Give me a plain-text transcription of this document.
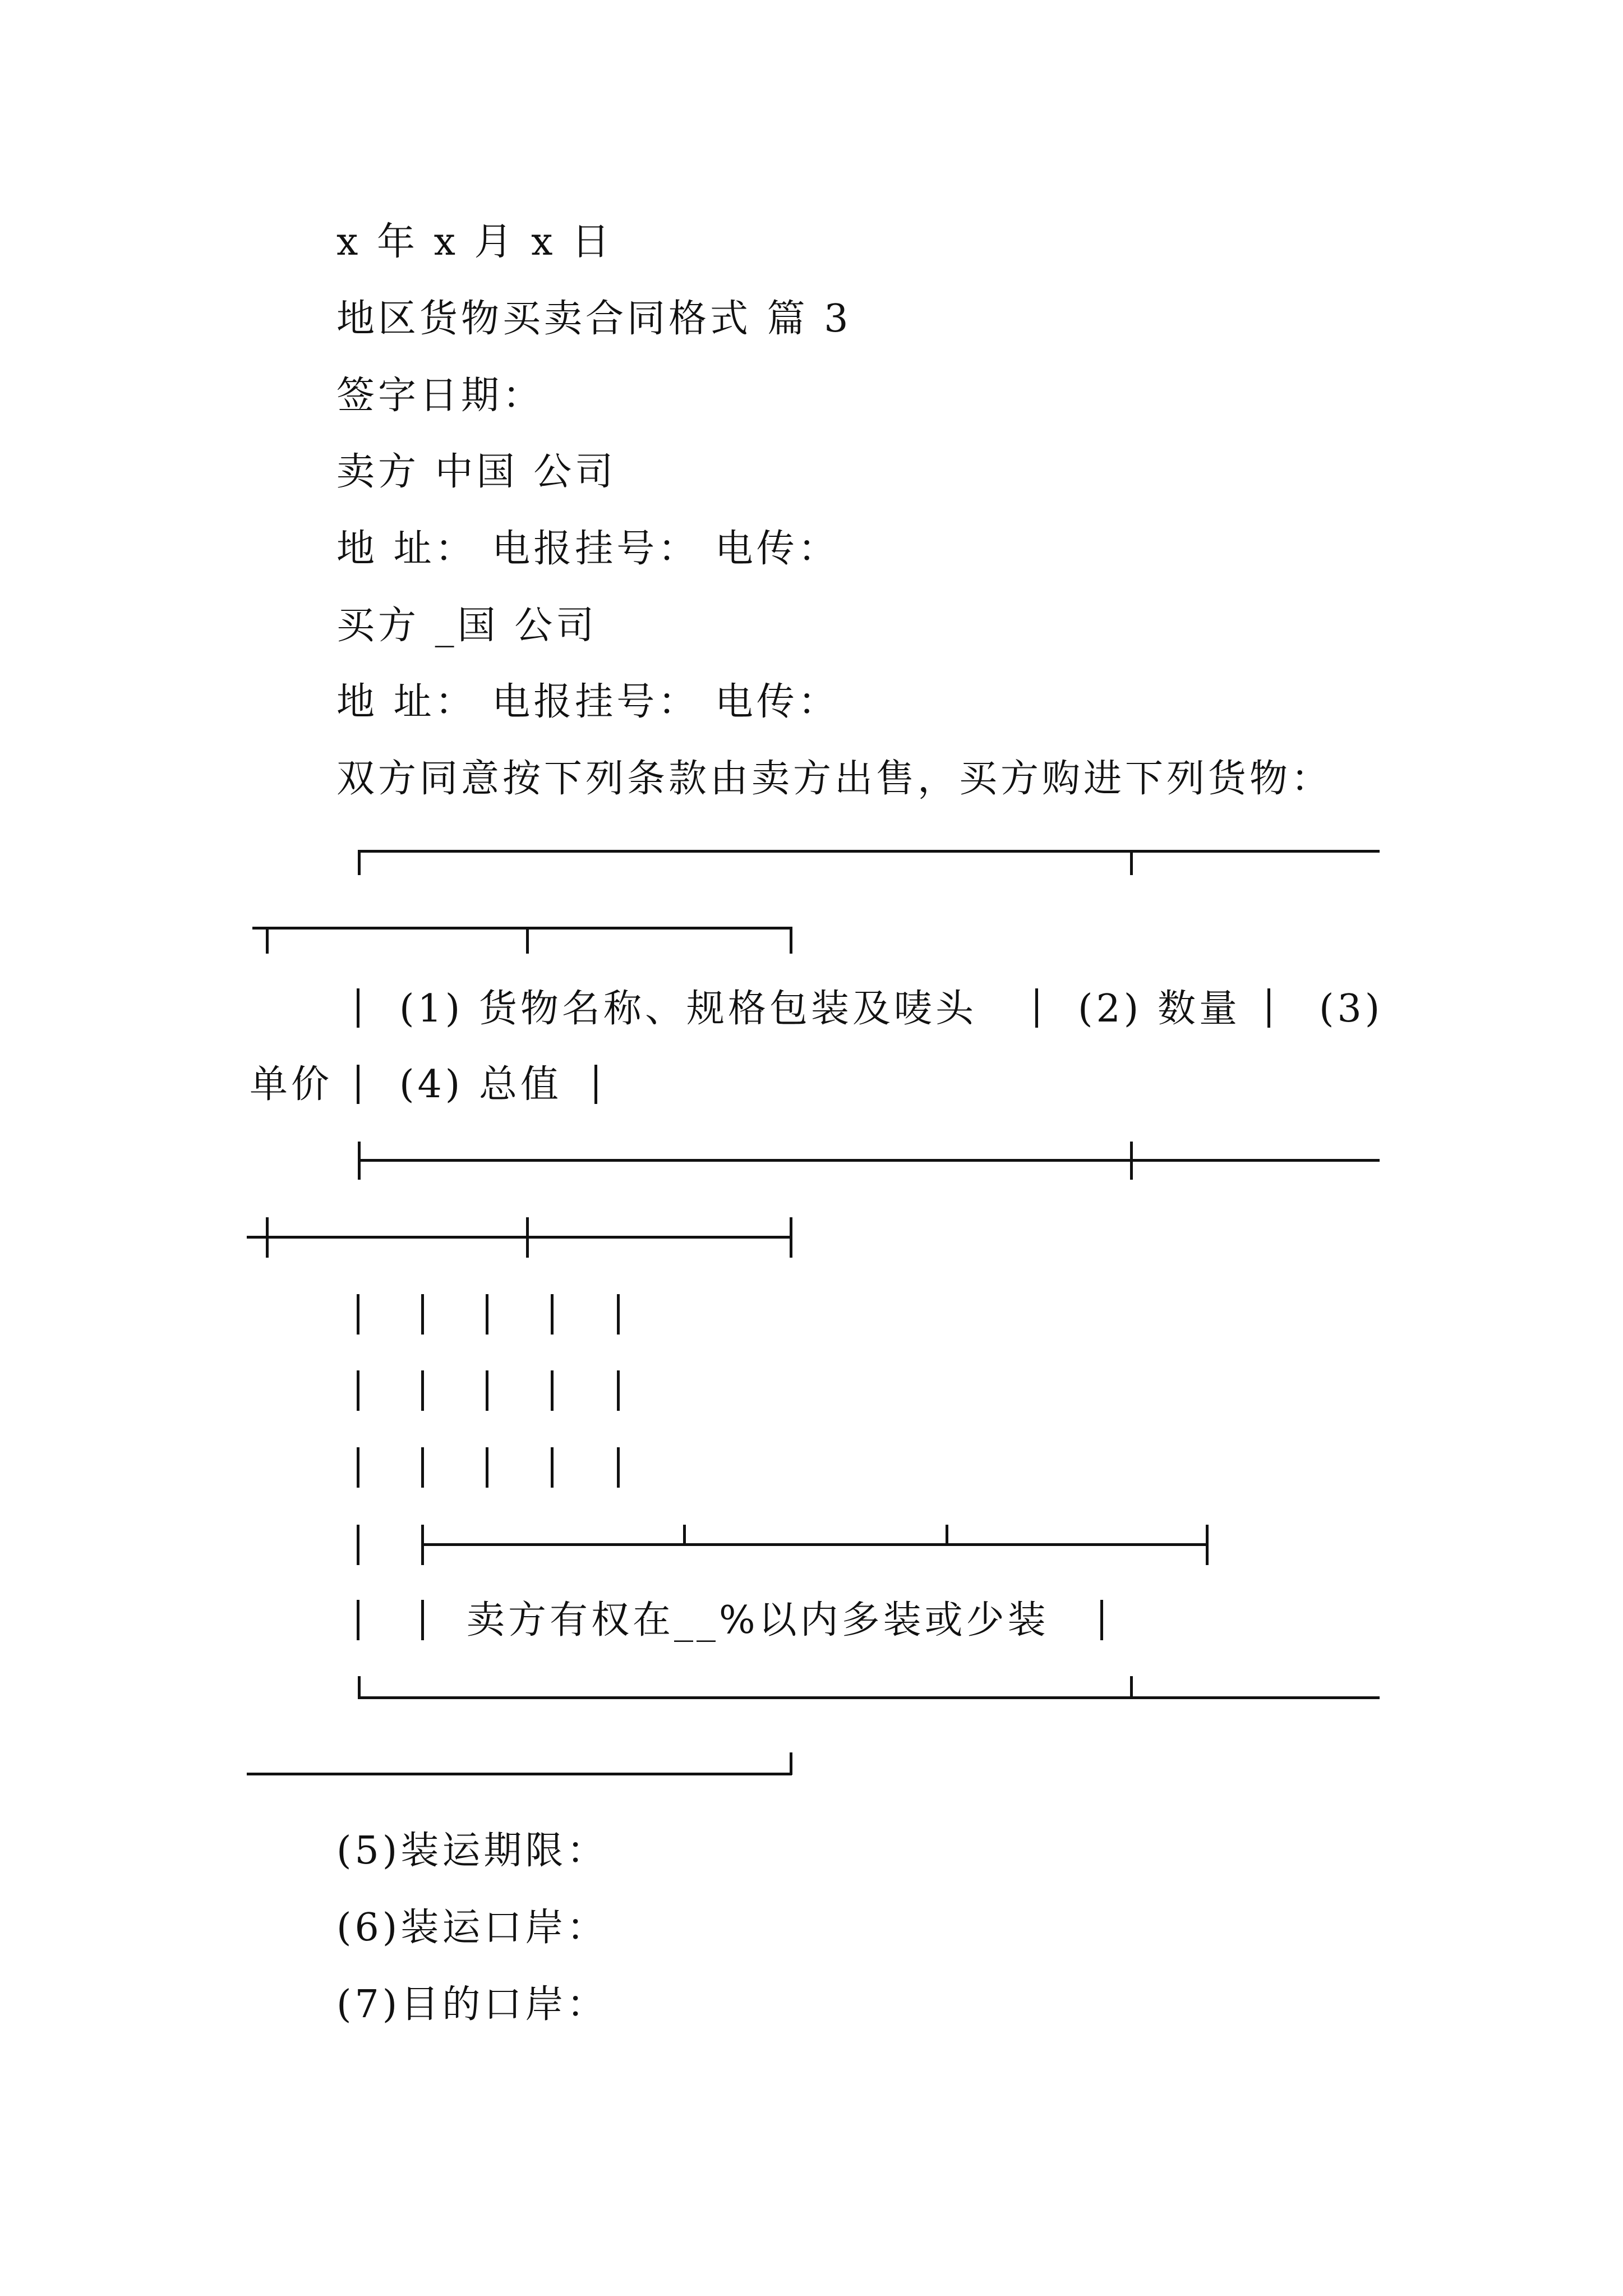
x 年 x 月 x 日
地区货物买卖合同格式 篇 3
签字日期：
卖方 中国 公司
地 址： 电报挂号： 电传：
买方 _国 公司
地 址： 电报挂号： 电传：
双方同意按下列条款由卖方出售，买方购进下列货物：
(1) 货物名称、规格包装及唛头	(2) 数量 (3)
单价 (4) 总值
卖方有权在__%以内多装或少装
(5)装运期限：
(6)装运口岸：
(7)目的口岸：
